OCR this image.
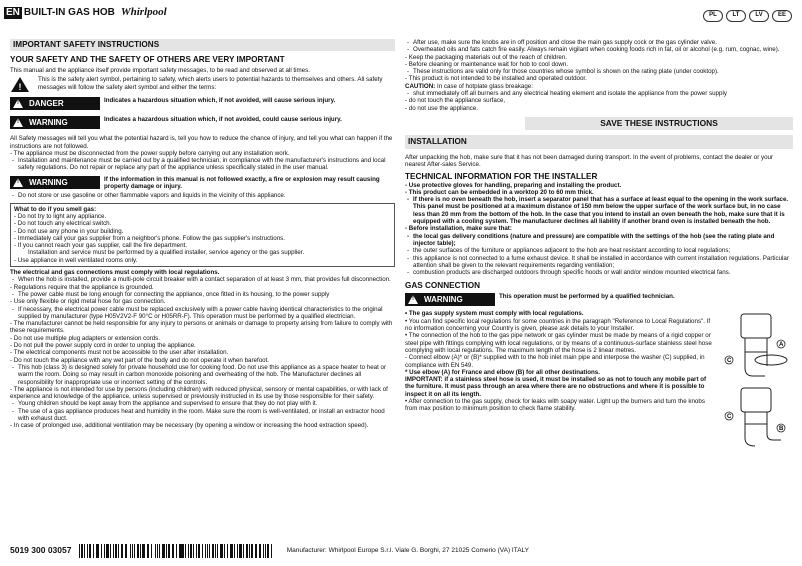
EN BUILT-IN GAS HOB Whirlpool	PL	LT	LV	EE
IMPORTANT SAFETY INSTRUCTIONS
YOUR SAFETY AND THE SAFETY OF OTHERS ARE VERY IMPORTANT

This manual and the appliance itself provide important safety messages, to be read and observed at all times.

!

This is the safety alert symbol, pertaining to safety, which alerts users to potential hazards to themselves and others. All safety messages will follow the safety alert symbol and either the terms:

! DANGER	Indicates a hazardous situation which, if not avoided, will cause serious injury.

! WARNING	Indicates a hazardous situation which, if not avoided, could cause serious injury.

All Safety messages will tell you what the potential hazard is, tell you how to reduce the chance of injury, and tell you what can happen if the instructions are not followed.

- The appliance must be disconnected from the power supply before carrying out any installation work.

- Installation and maintenance must be carried out by a qualified technician, in compliance with the manufacturer's instructions and local safety regulations. Do not repair or replace any part of the appliance unless specifically stated in the user manual.

! WARNING	If the information in this manual is not followed exactly, a fire or explosion may result causing property damage or injury.

- Do not store or use gasoline or other flammable vapors and liquids in the vicinity of this appliance.

What to do if you smell gas:

- Do not try to light any appliance.

- Do not touch any electrical switch.

- Do not use any phone in your building.

- Immediately call your gas supplier from a neighbor's phone. Follow the gas supplier's instructions.

- If you cannot reach your gas supplier, call the fire department.

Installation and service must be performed by a qualified installer, service agency or the gas supplier.

- Use appliance in well ventilated rooms only.

The electrical and gas connections must comply with local regulations.

- When the hob is installed, provide a multi-pole circuit breaker with a contact separation of at least 3 mm, that provides full disconnection.

- Regulations require that the appliance is grounded.

- The power cable must be long enough for connecting the appliance, once fitted in its housing, to the power supply

- Use only flexible or rigid metal hose for gas connection.

- If necessary, the electrical power cable must be replaced exclusively with a power cable having identical characteristics to the original supplied by manufacturer (type H05V2V2-F 90°C or H05RR-F). This operation must be performed by a qualified electrician.

- The manufacturer cannot be held responsible for any injury to persons or animals or damage to property arising from failure to comply with these requirements.

- Do not use multiple plug adapters or extension cords.

- Do not pull the power supply cord in order to unplug the appliance.

- The electrical components must not be accessible to the user after installation.

- Do not touch the appliance with any wet part of the body and do not operate it when barefoot.

- This hob (class 3) is designed solely for private household use for cooking food. Do not use this appliance as a space heater to heat or warm the room. Doing so may result in carbon monoxide poisoning and overheating of the hob. The Manufacturer declines all responsibility for inappropriate use or incorrect setting of the controls.

- The appliance is not intended for use by persons (including children) with reduced physical, sensory or mental capabilities, or with lack of experience and knowledge of the appliance, unless supervised or previously instructed in its use by those responsible for their safety.

- Young children should be kept away from the appliance and supervised to ensure that they do not play with it.

- The use of a gas appliance produces heat and humidity in the room. Make sure the room is well-ventilated, or install an extractor hood with exhaust duct.

- In case of prolonged use, additional ventilation may be necessary (by opening a window or increasing the hood extraction speed).

- After use, make sure the knobs are in off position and close the main gas supply cock or the gas cylinder valve.

- Overheated oils and fats catch fire easily. Always remain vigilant when cooking foods rich in fat, oil or alcohol (e.g. rum, cognac, wine).

- Keep the packaging materials out of the reach of children.

- Before cleaning or maintenance wait for hob to cool down.

- These instructions are valid only for those countries whose symbol is shown on the rating plate (under cooktop).

- This product is not intended to be installed and operated outdoor.

CAUTION: In case of hotplate glass breakage:

- shut immediately off all burners and any electrical heating element and isolate the appliance from the power supply

- do not touch the appliance surface,

- do not use the appliance.

SAVE THESE INSTRUCTIONS
INSTALLATION

After unpacking the hob, make sure that it has not been damaged during transport. In the event of problems, contact the dealer or your nearest After-sales Service.

TECHNICAL INFORMATION FOR THE INSTALLER

- Use protective gloves for handling, preparing and installing the product.

- This product can be embedded in a worktop 20 to 60 mm thick.

- If there is no oven beneath the hob, insert a separator panel that has a surface at least equal to the opening in the work surface. This panel must be positioned at a maximum distance of 150 mm below the upper surface of the work surface but, in no case less than 20 mm from the bottom of the hob. In the case that you intend to install an oven beneath the hob, make sure that it is equipped with a cooling system. The manufacturer declines all liability if another brand oven is installed beneath the hob.

- Before installation, make sure that:

- the local gas delivery conditions (nature and pressure) are compatible with the settings of the hob (see the rating plate and injector table);

- the outer surfaces of the furniture or appliances adjacent to the hob are heat resistant according to local regulations;

- this appliance is not connected to a fume exhaust device. It shall be installed in accordance with current installation regulations. Particular attention shall be given to the relevant requirements regarding ventilation;

- combustion products are discharged outdoors through specific hoods or wall and/or window mounted electrical fans.

GAS CONNECTION
! WARNING	This operation must be performed by a qualified technician.

• The gas supply system must comply with local regulations.

• You can find specific local regulations for some countries in the paragraph "Reference to Local Regulations". If no information concerning your Country is given, please ask details to your Installer.

• The connection of the hob to the gas pipe network or gas cylinder must be made by means of a rigid copper or steel pipe with fittings complying with local regulations, or by means of a continuous-surface stainless steel hose complying with local regulations. The maximum length of the hose is 2 linear metres.

- Connect elbow (A)* or (B)* supplied with to the hob inlet main pipe and interpose the washer (C) supplied, in compliance with EN 549.

* Use elbow (A) for France and elbow (B) for all other destinations.

IMPORTANT: if a stainless steel hose is used, it must be installed so as not to touch any mobile part of the furniture. It must pass through an area where there are no obstructions and where it is possible to inspect it on all its length.

• After connection to the gas supply, check for leaks with soapy water. Light up the burners and turn the knobs from max position to minimum position to check flame stability.

A
C
C
B
5019 300 03057	Manufacturer: Whirlpool Europe S.r.l. Viale G. Borghi, 27 21025 Comerio (VA) ITALY
